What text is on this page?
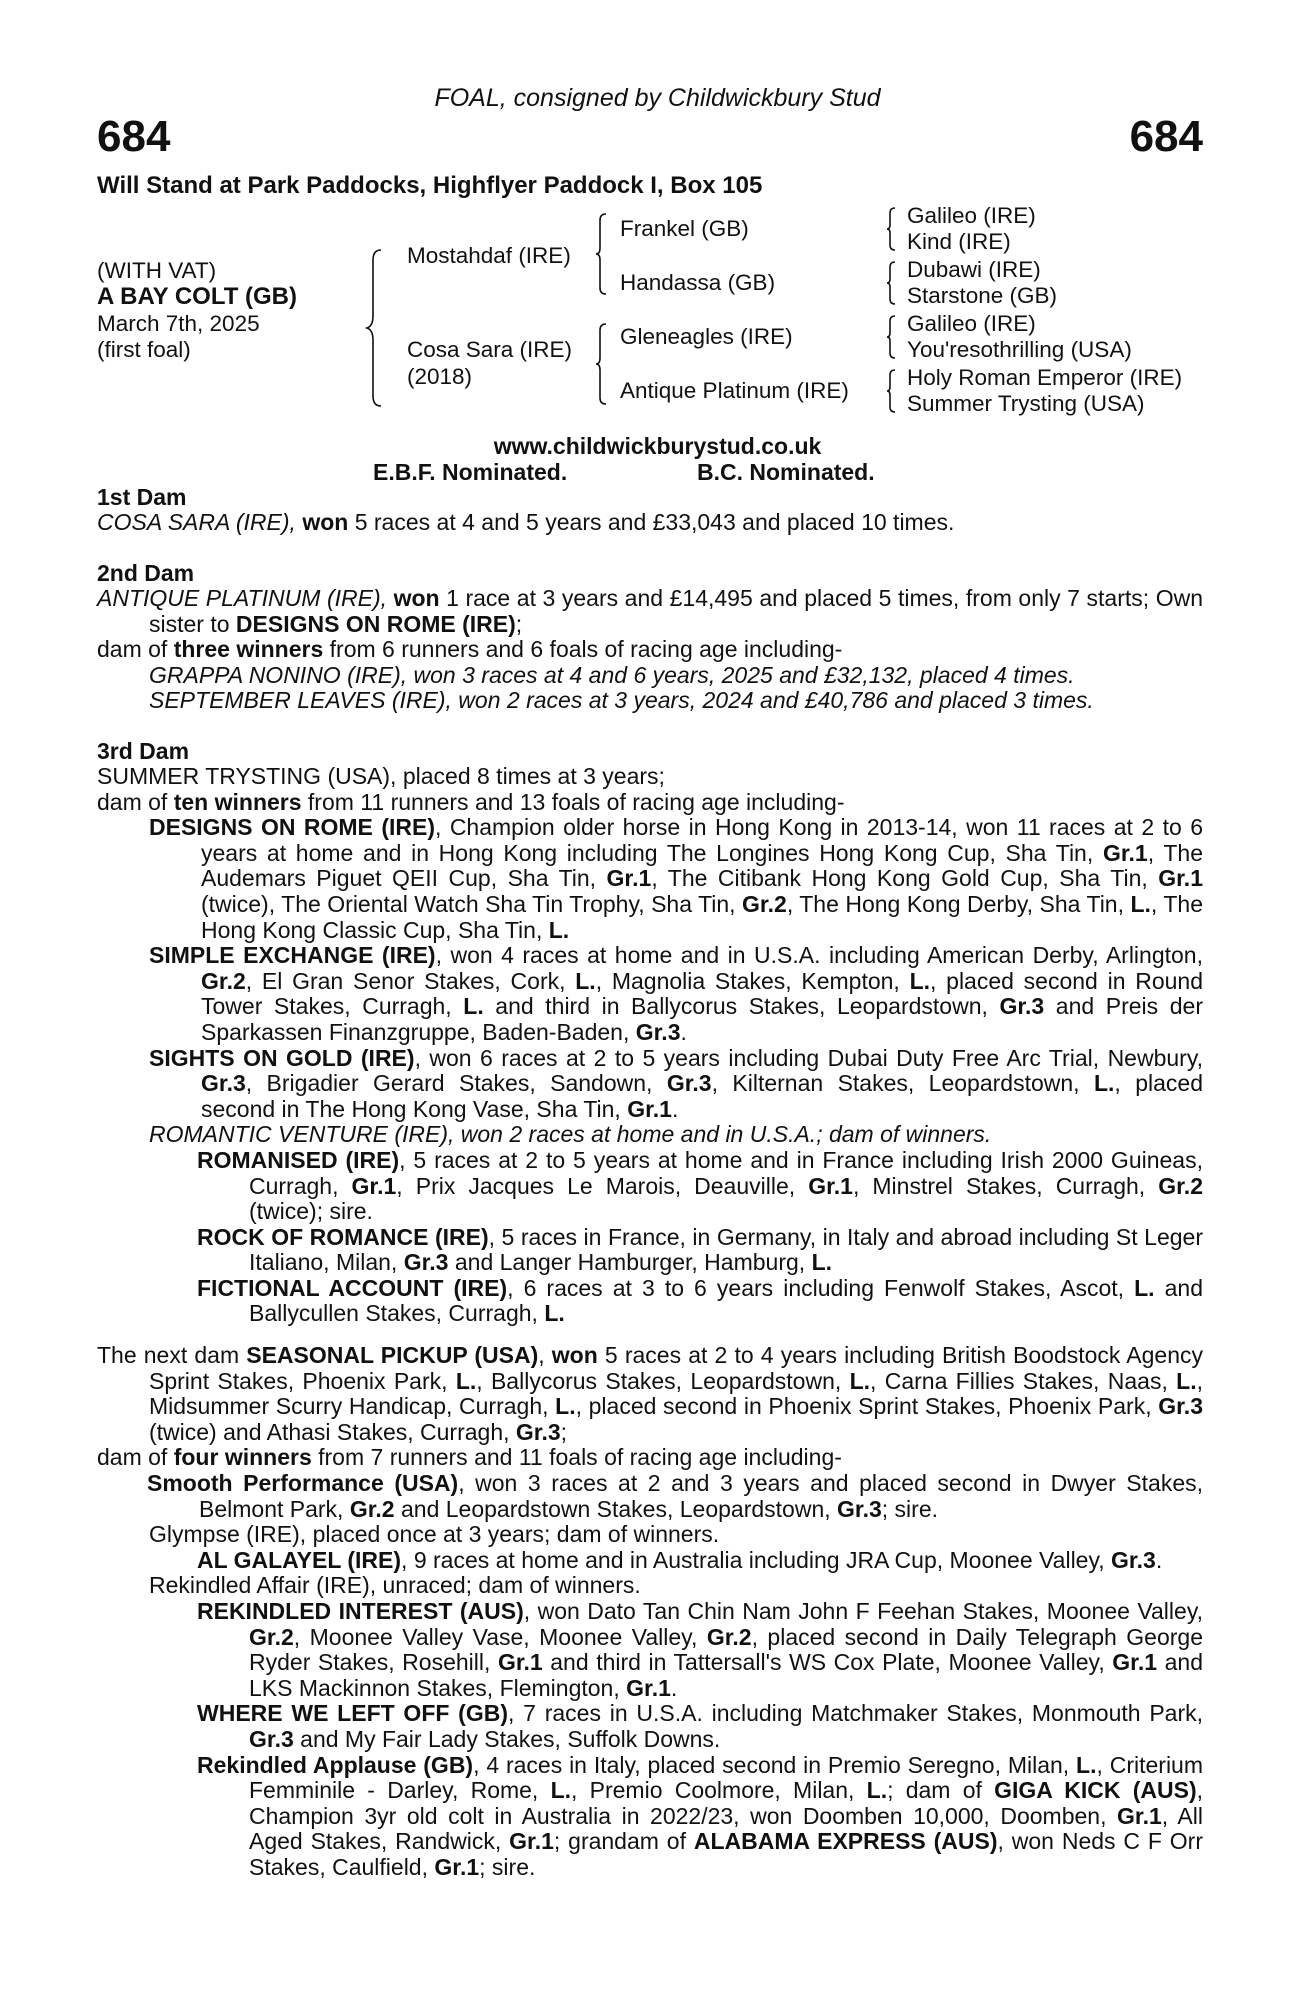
FOAL, consigned by Childwickbury Stud
684	684
Will Stand at Park Paddocks, Highflyer Paddock I, Box 105
(WITH VAT)
A BAY COLT (GB)
March 7th, 2025
(first foal)
Mostahdaf (IRE)
Cosa Sara (IRE)
(2018)
Frankel (GB)
Handassa (GB)
Gleneagles (IRE)
Antique Platinum (IRE)
Galileo (IRE)
Kind (IRE)
Dubawi (IRE)
Starstone (GB)
Galileo (IRE)
You'resothrilling (USA)
Holy Roman Emperor (IRE)
Summer Trysting (USA)
www.childwickburystud.co.uk
E.B.F. Nominated.	B.C. Nominated.
1st Dam

COSA SARA (IRE), won 5 races at 4 and 5 years and £33,043 and placed 10 times.

2nd Dam

ANTIQUE PLATINUM (IRE), won 1 race at 3 years and £14,495 and placed 5 times, from only 7 starts; Own sister to DESIGNS ON ROME (IRE);

dam of three winners from 6 runners and 6 foals of racing age including-

GRAPPA NONINO (IRE), won 3 races at 4 and 6 years, 2025 and £32,132, placed 4 times.

SEPTEMBER LEAVES (IRE), won 2 races at 3 years, 2024 and £40,786 and placed 3 times.

3rd Dam

SUMMER TRYSTING (USA), placed 8 times at 3 years;

dam of ten winners from 11 runners and 13 foals of racing age including-

DESIGNS ON ROME (IRE), Champion older horse in Hong Kong in 2013-14, won 11 races at 2 to 6 years at home and in Hong Kong including The Longines Hong Kong Cup, Sha Tin, Gr.1, The Audemars Piguet QEII Cup, Sha Tin, Gr.1, The Citibank Hong Kong Gold Cup, Sha Tin, Gr.1 (twice), The Oriental Watch Sha Tin Trophy, Sha Tin, Gr.2, The Hong Kong Derby, Sha Tin, L., The Hong Kong Classic Cup, Sha Tin, L.

SIMPLE EXCHANGE (IRE), won 4 races at home and in U.S.A. including American Derby, Arlington, Gr.2, El Gran Senor Stakes, Cork, L., Magnolia Stakes, Kempton, L., placed second in Round Tower Stakes, Curragh, L. and third in Ballycorus Stakes, Leopardstown, Gr.3 and Preis der Sparkassen Finanzgruppe, Baden-Baden, Gr.3.

SIGHTS ON GOLD (IRE), won 6 races at 2 to 5 years including Dubai Duty Free Arc Trial, Newbury, Gr.3, Brigadier Gerard Stakes, Sandown, Gr.3, Kilternan Stakes, Leopardstown, L., placed second in The Hong Kong Vase, Sha Tin, Gr.1.

ROMANTIC VENTURE (IRE), won 2 races at home and in U.S.A.; dam of winners.

ROMANISED (IRE), 5 races at 2 to 5 years at home and in France including Irish 2000 Guineas, Curragh, Gr.1, Prix Jacques Le Marois, Deauville, Gr.1, Minstrel Stakes, Curragh, Gr.2 (twice); sire.

ROCK OF ROMANCE (IRE), 5 races in France, in Germany, in Italy and abroad including St Leger Italiano, Milan, Gr.3 and Langer Hamburger, Hamburg, L.

FICTIONAL ACCOUNT (IRE), 6 races at 3 to 6 years including Fenwolf Stakes, Ascot, L. and Ballycullen Stakes, Curragh, L.

The next dam SEASONAL PICKUP (USA), won 5 races at 2 to 4 years including British Boodstock Agency Sprint Stakes, Phoenix Park, L., Ballycorus Stakes, Leopardstown, L., Carna Fillies Stakes, Naas, L., Midsummer Scurry Handicap, Curragh, L., placed second in Phoenix Sprint Stakes, Phoenix Park, Gr.3 (twice) and Athasi Stakes, Curragh, Gr.3;

dam of four winners from 7 runners and 11 foals of racing age including-

Smooth Performance (USA), won 3 races at 2 and 3 years and placed second in Dwyer Stakes, Belmont Park, Gr.2 and Leopardstown Stakes, Leopardstown, Gr.3; sire.

Glympse (IRE), placed once at 3 years; dam of winners.

AL GALAYEL (IRE), 9 races at home and in Australia including JRA Cup, Moonee Valley, Gr.3.

Rekindled Affair (IRE), unraced; dam of winners.

REKINDLED INTEREST (AUS), won Dato Tan Chin Nam John F Feehan Stakes, Moonee Valley, Gr.2, Moonee Valley Vase, Moonee Valley, Gr.2, placed second in Daily Telegraph George Ryder Stakes, Rosehill, Gr.1 and third in Tattersall's WS Cox Plate, Moonee Valley, Gr.1 and LKS Mackinnon Stakes, Flemington, Gr.1.

WHERE WE LEFT OFF (GB), 7 races in U.S.A. including Matchmaker Stakes, Monmouth Park, Gr.3 and My Fair Lady Stakes, Suffolk Downs.

Rekindled Applause (GB), 4 races in Italy, placed second in Premio Seregno, Milan, L., Criterium Femminile - Darley, Rome, L., Premio Coolmore, Milan, L.; dam of GIGA KICK (AUS), Champion 3yr old colt in Australia in 2022/23, won Doomben 10,000, Doomben, Gr.1, All Aged Stakes, Randwick, Gr.1; grandam of ALABAMA EXPRESS (AUS), won Neds C F Orr Stakes, Caulfield, Gr.1; sire.
